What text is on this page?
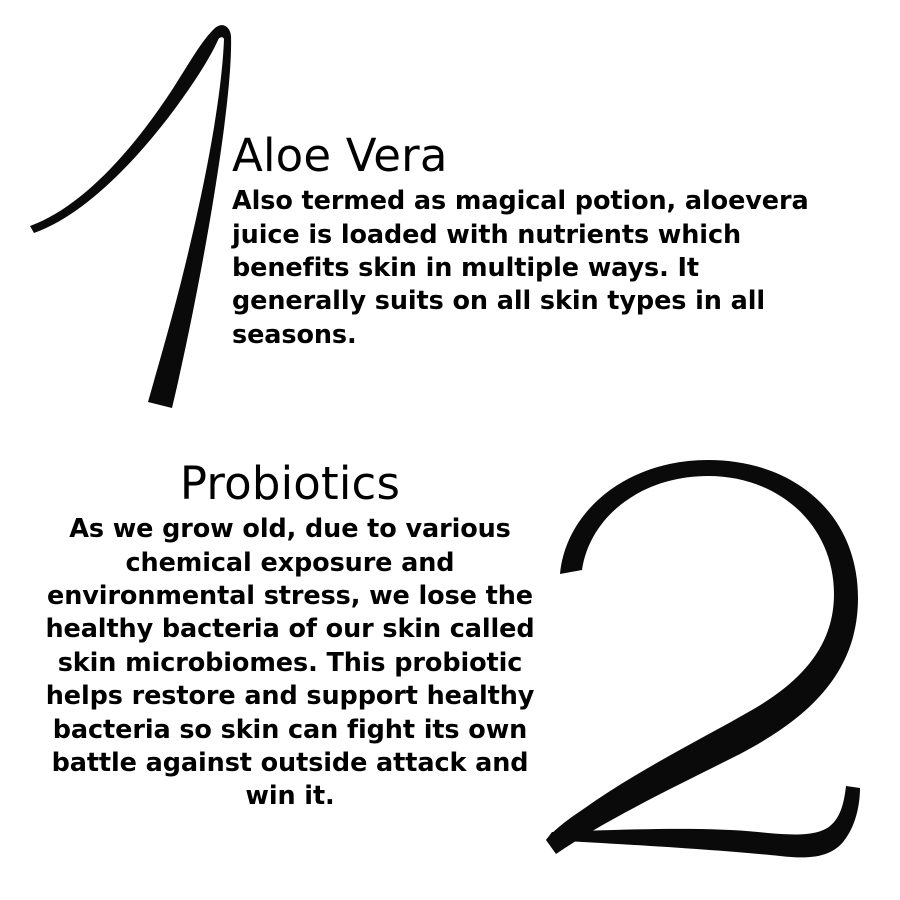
Aloe Vera

Also termed as magical potion, aloevera juice is loaded with nutrients which benefits skin in multiple ways. It generally suits on all skin types in all seasons.

Probiotics

As we grow old, due to various chemical exposure and environmental stress, we lose the healthy bacteria of our skin called skin microbiomes. This probiotic helps restore and support healthy bacteria so skin can fight its own battle against outside attack and win it.
